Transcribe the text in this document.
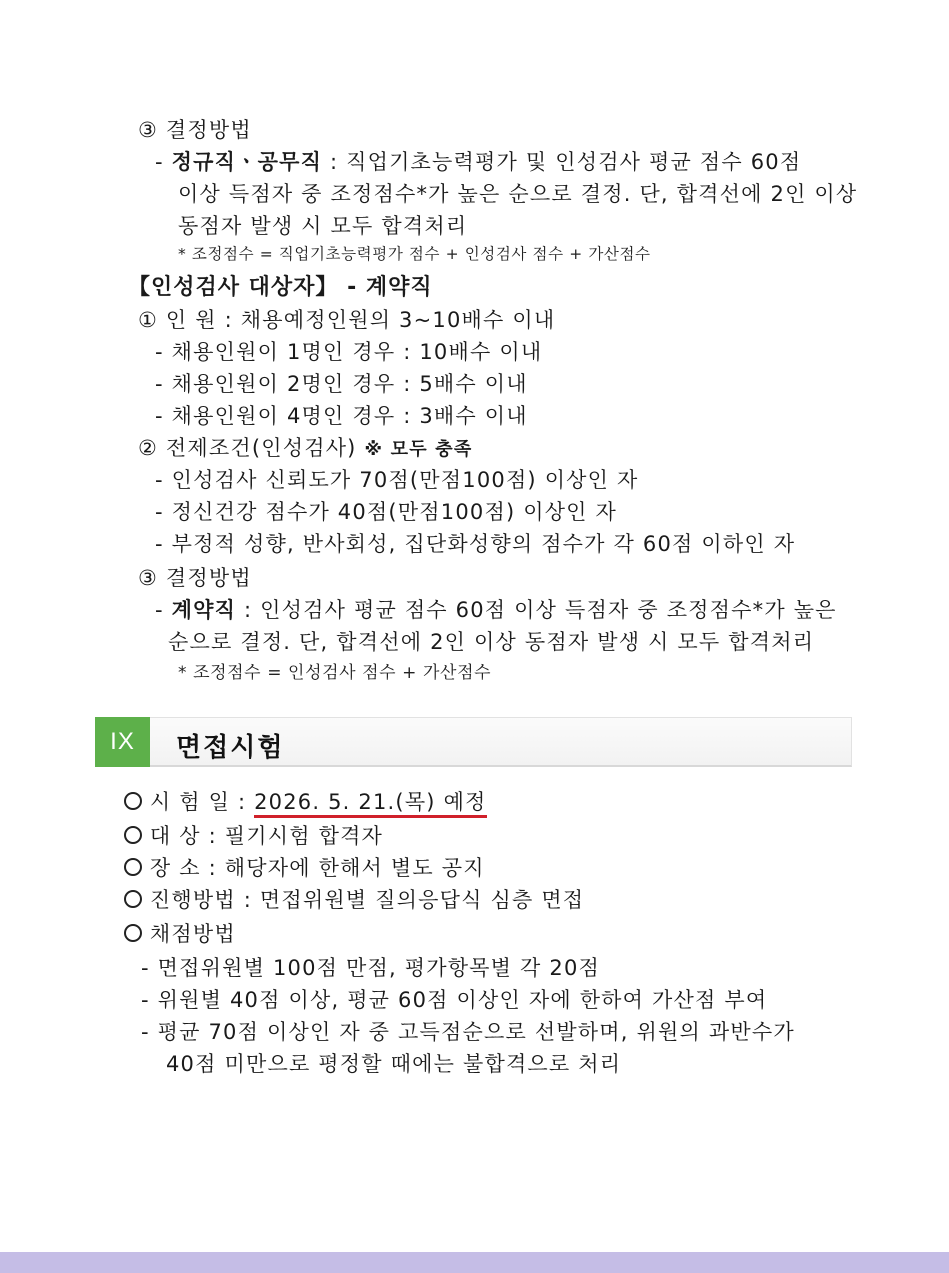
③ 결정방법
- 정규직ㆍ공무직 : 직업기초능력평가 및 인성검사 평균 점수 60점
이상 득점자 중 조정점수*가 높은 순으로 결정. 단, 합격선에 2인 이상
동점자 발생 시 모두 합격처리
* 조정점수 = 직업기초능력평가 점수 + 인성검사 점수 + 가산점수
【인성검사 대상자】 - 계약직
① 인 원 : 채용예정인원의 3~10배수 이내
- 채용인원이 1명인 경우 : 10배수 이내
- 채용인원이 2명인 경우 : 5배수 이내
- 채용인원이 4명인 경우 : 3배수 이내
② 전제조건(인성검사) ※ 모두 충족
- 인성검사 신뢰도가 70점(만점100점) 이상인 자
- 정신건강 점수가 40점(만점100점) 이상인 자
- 부정적 성향, 반사회성, 집단화성향의 점수가 각 60점 이하인 자
③ 결정방법
- 계약직 : 인성검사 평균 점수 60점 이상 득점자 중 조정점수*가 높은
순으로 결정. 단, 합격선에 2인 이상 동점자 발생 시 모두 합격처리
* 조정점수 = 인성검사 점수 + 가산점수
IX	면접시험
시 험 일 : 2026. 5. 21.(목) 예정
대 상 : 필기시험 합격자
장 소 : 해당자에 한해서 별도 공지
진행방법 : 면접위원별 질의응답식 심층 면접
채점방법
- 면접위원별 100점 만점, 평가항목별 각 20점
- 위원별 40점 이상, 평균 60점 이상인 자에 한하여 가산점 부여
- 평균 70점 이상인 자 중 고득점순으로 선발하며, 위원의 과반수가
40점 미만으로 평정할 때에는 불합격으로 처리
